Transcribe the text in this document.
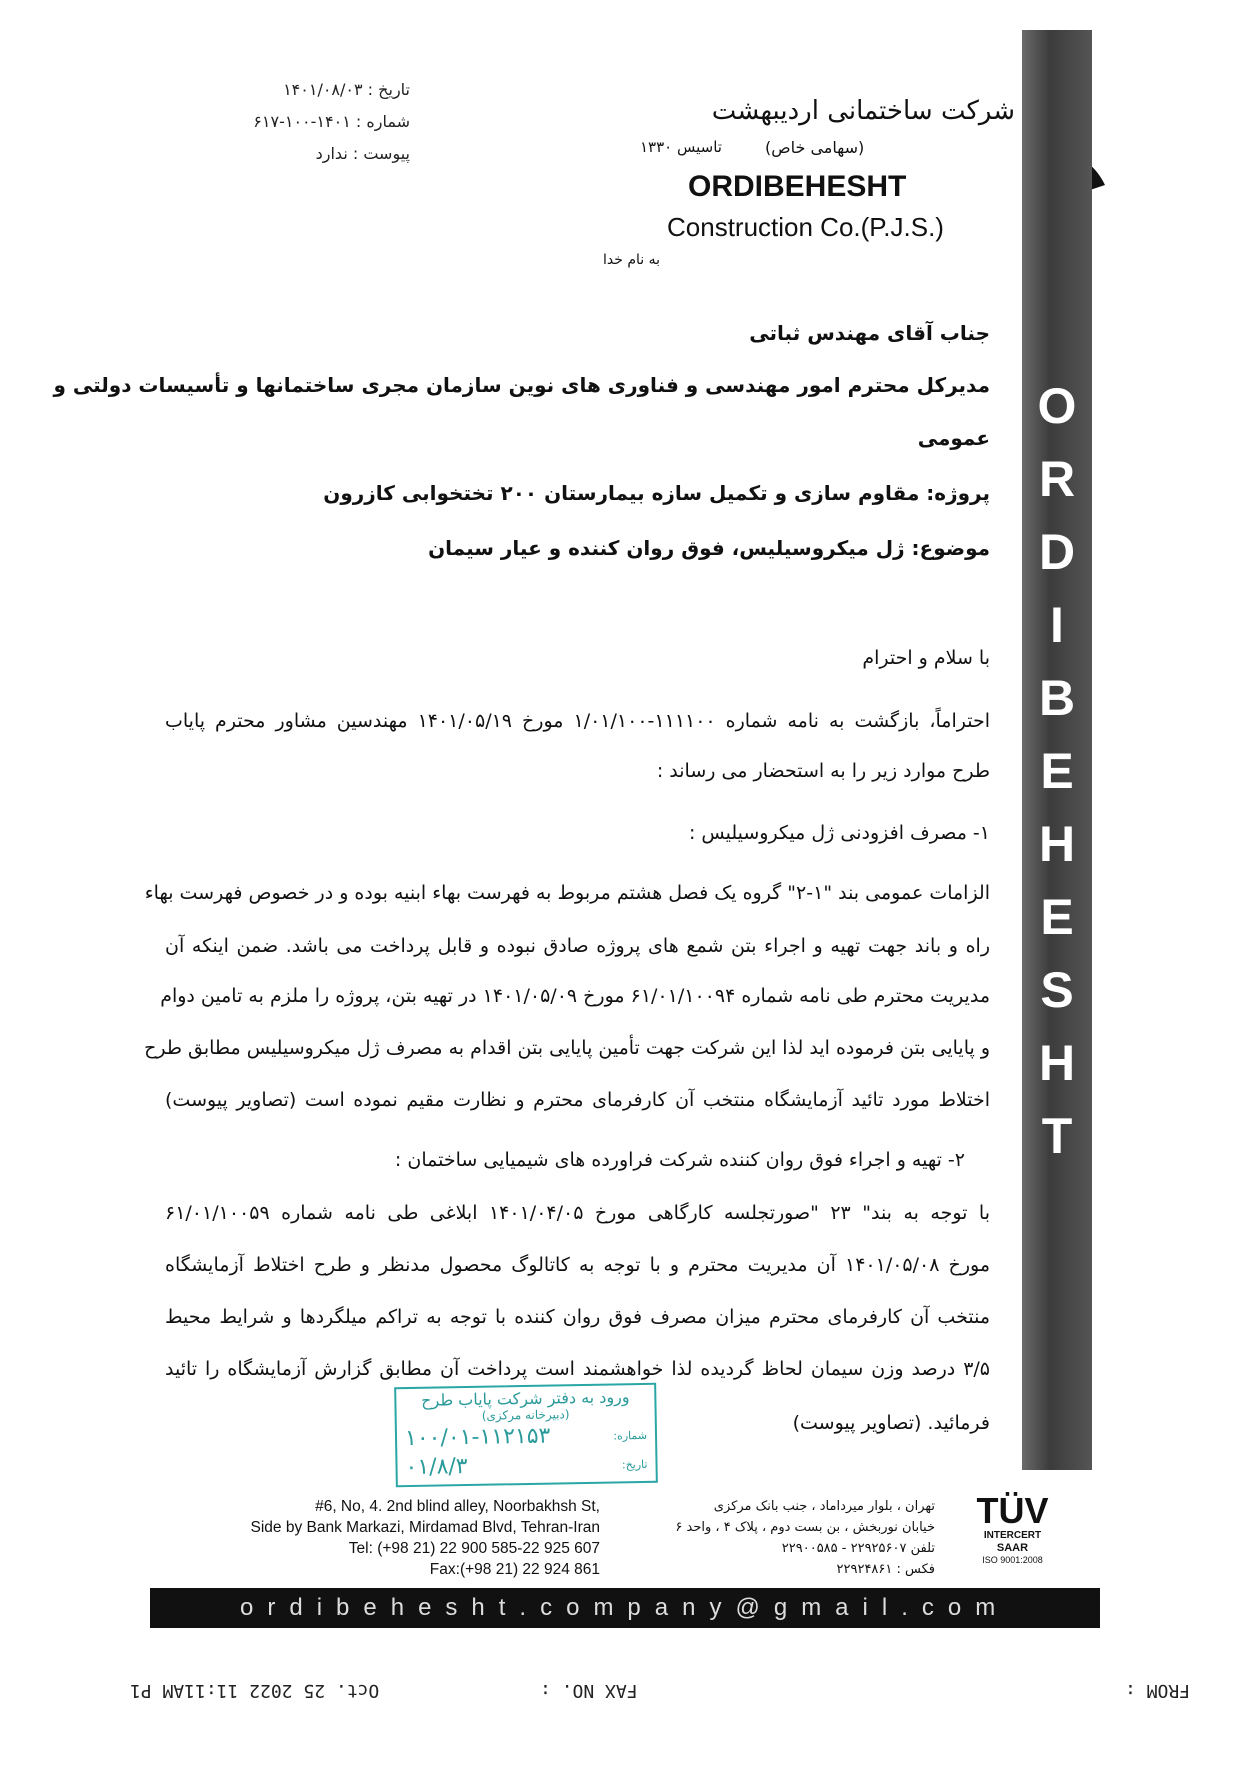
تاریخ : ۱۴۰۱/۰۸/۰۳
شماره : ۱۴۰۱-۱۰۰-۶۱۷
پیوست : ندارد
شرکت ساختمانی اردیبهشت
(سهامی خاص)
تاسیس ۱۳۳۰
ORDIBEHESHT
Construction Co.(P.J.S.)
به نام خدا
O
R
D
I
B
E
H
E
S
H
T
جناب آقای مهندس ثباتی
مدیرکل محترم امور مهندسی و فناوری های نوین سازمان مجری ساختمانها و تأسیسات دولتی و
عمومی
پروژه: مقاوم سازی و تکمیل سازه بیمارستان ۲۰۰ تختخوابی کازرون
موضوع: ژل میکروسیلیس، فوق روان کننده و عیار سیمان
با سلام و احترام
احتراماً، بازگشت به نامه شماره ۱۱۱۱۰۰-۱/۰۱/۱۰۰ مورخ ۱۴۰۱/۰۵/۱۹ مهندسین مشاور محترم پایاب
طرح موارد زیر را به استحضار می رساند :
۱- مصرف افزودنی ژل میکروسیلیس :
الزامات عمومی بند "۱-۲" گروه یک فصل هشتم مربوط به فهرست بهاء ابنیه بوده و در خصوص فهرست بهاء
راه و باند جهت تهیه و اجراء بتن شمع های پروژه صادق نبوده و قابل پرداخت می باشد. ضمن اینکه آن
مدیریت محترم طی نامه شماره ۶۱/۰۱/۱۰۰۹۴ مورخ ۱۴۰۱/۰۵/۰۹ در تهیه بتن، پروژه را ملزم به تامین دوام
و پایایی بتن فرموده اید لذا این شرکت جهت تأمین پایایی بتن اقدام به مصرف ژل میکروسیلیس مطابق طرح
اختلاط مورد تائید آزمایشگاه منتخب آن کارفرمای محترم و نظارت مقیم نموده است (تصاویر پیوست)
۲- تهیه و اجراء فوق روان کننده شرکت فراورده های شیمیایی ساختمان :
با توجه به بند" ۲۳ "صورتجلسه کارگاهی مورخ ۱۴۰۱/۰۴/۰۵ ابلاغی طی نامه شماره ۶۱/۰۱/۱۰۰۵۹
مورخ ۱۴۰۱/۰۵/۰۸ آن مدیریت محترم و با توجه به کاتالوگ محصول مدنظر و طرح اختلاط آزمایشگاه
منتخب آن کارفرمای محترم میزان مصرف فوق روان کننده با توجه به تراکم میلگردها و شرایط محیط
۳/۵ درصد وزن سیمان لحاظ گردیده لذا خواهشمند است پرداخت آن مطابق گزارش آزمایشگاه را تائید
فرمائید. (تصاویر پیوست)
ورود به دفتر شرکت پایاب طرح
(دبیرخانه مرکزی)
شماره:
۱۰۰/۰۱-۱۱۲۱۵۳
تاریخ:
۰۱/۸/۳
#6, No, 4. 2nd blind alley, Noorbakhsh St,
Side by Bank Markazi, Mirdamad Blvd, Tehran-Iran
Tel: (+98 21) 22 900 585-22 925 607
Fax:(+98 21) 22 924 861
تهران ، بلوار میرداماد ، جنب بانک مرکزی
خیابان نوربخش ، بن بست دوم ، پلاک ۴ ، واحد ۶
تلفن ۲۲۹۲۵۶۰۷ - ۲۲۹۰۰۵۸۵
فکس : ۲۲۹۲۴۸۶۱
TÜV
INTERCERT
SAAR
ISO 9001:2008
ordibehesht.company@gmail.com
Oct. 25 2022 11:11AM P1	FAX NO. :	FROM :
